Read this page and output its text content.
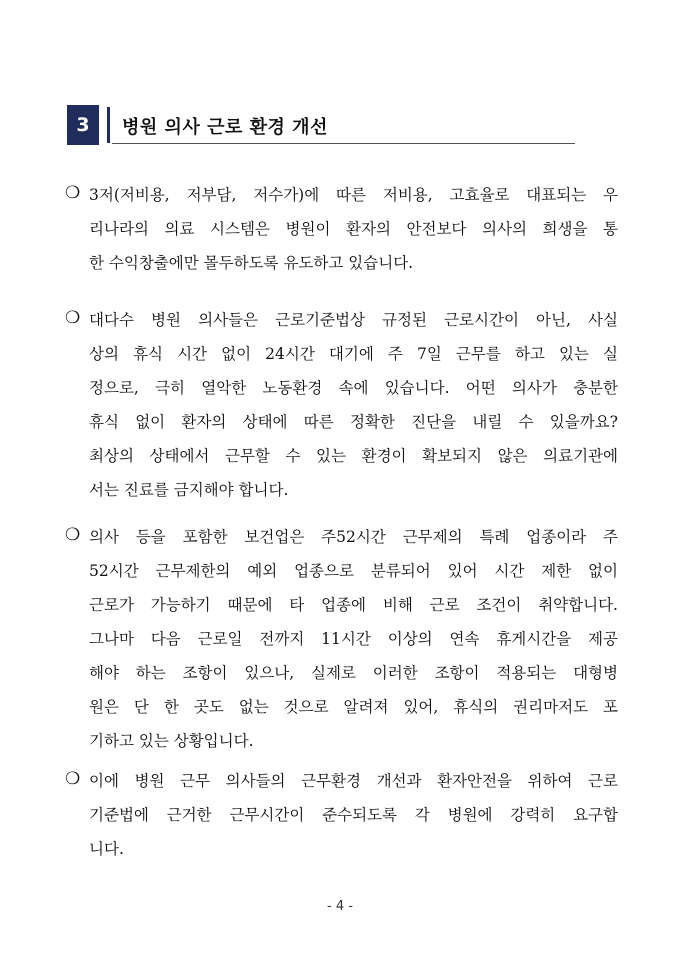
3	병원 의사 근로 환경 개선
❍ 3저(저비용, 저부담, 저수가)에 따른 저비용, 고효율로 대표되는 우
리나라의 의료 시스템은 병원이 환자의 안전보다 의사의 희생을 통
한 수익창출에만 몰두하도록 유도하고 있습니다.
❍ 대다수 병원 의사들은 근로기준법상 규정된 근로시간이 아닌, 사실
상의 휴식 시간 없이 24시간 대기에 주 7일 근무를 하고 있는 실
정으로, 극히 열악한 노동환경 속에 있습니다. 어떤 의사가 충분한
휴식 없이 환자의 상태에 따른 정확한 진단을 내릴 수 있을까요?
최상의 상태에서 근무할 수 있는 환경이 확보되지 않은 의료기관에
서는 진료를 금지해야 합니다.
❍ 의사 등을 포함한 보건업은 주52시간 근무제의 특례 업종이라 주
52시간 근무제한의 예외 업종으로 분류되어 있어 시간 제한 없이
근로가 가능하기 때문에 타 업종에 비해 근로 조건이 취약합니다.
그나마 다음 근로일 전까지 11시간 이상의 연속 휴게시간을 제공
해야 하는 조항이 있으나, 실제로 이러한 조항이 적용되는 대형병
원은 단 한 곳도 없는 것으로 알려져 있어, 휴식의 권리마저도 포
기하고 있는 상황입니다.
❍ 이에 병원 근무 의사들의 근무환경 개선과 환자안전을 위하여 근로
기준법에 근거한 근무시간이 준수되도록 각 병원에 강력히 요구합
니다.
- 4 -
